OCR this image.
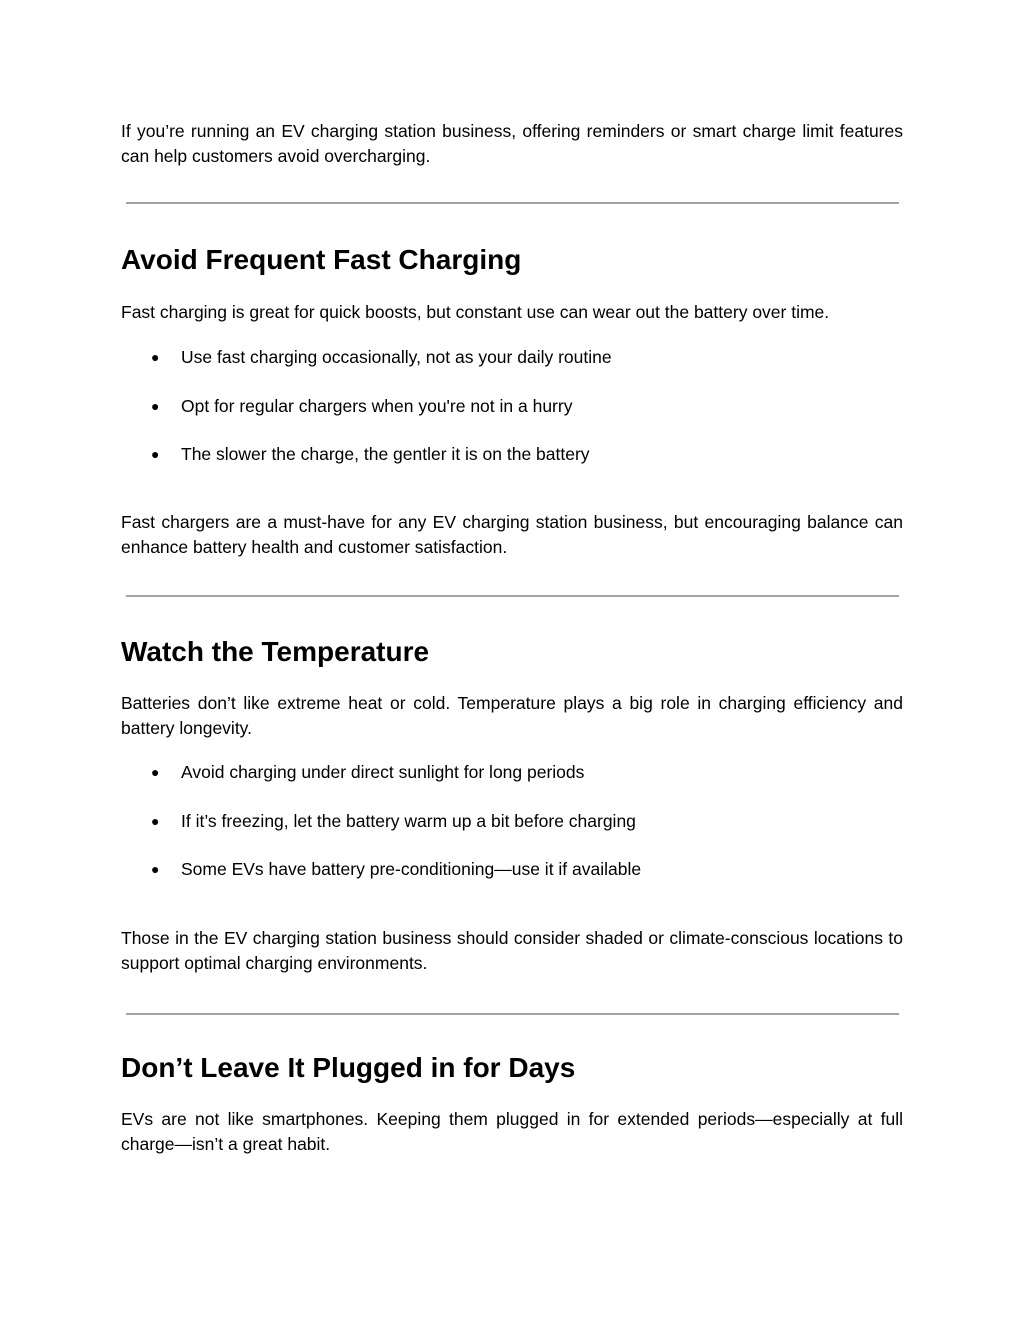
If you’re running an EV charging station business, offering reminders or smart charge limit features can help customers avoid overcharging.

Avoid Frequent Fast Charging

Fast charging is great for quick boosts, but constant use can wear out the battery over time.

● Use fast charging occasionally, not as your daily routine
● Opt for regular chargers when you're not in a hurry
● The slower the charge, the gentler it is on the battery

Fast chargers are a must-have for any EV charging station business, but encouraging balance can enhance battery health and customer satisfaction.

Watch the Temperature

Batteries don’t like extreme heat or cold. Temperature plays a big role in charging efficiency and battery longevity.

● Avoid charging under direct sunlight for long periods
● If it’s freezing, let the battery warm up a bit before charging
● Some EVs have battery pre-conditioning—use it if available

Those in the EV charging station business should consider shaded or climate-conscious locations to support optimal charging environments.

Don’t Leave It Plugged in for Days

EVs are not like smartphones. Keeping them plugged in for extended periods—especially at full charge—isn’t a great habit.
